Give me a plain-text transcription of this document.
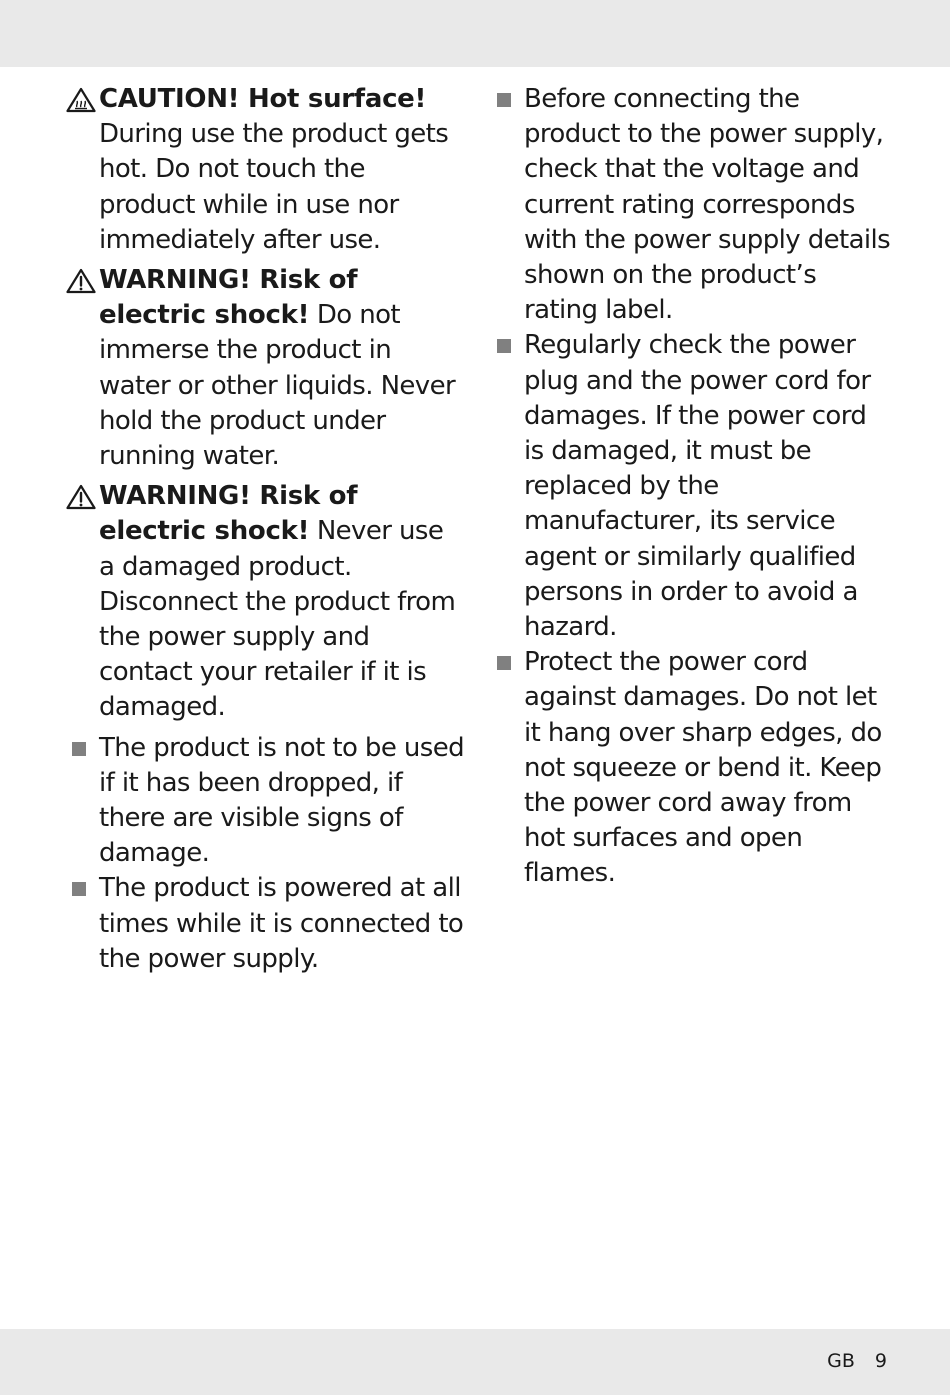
CAUTION! Hot surface!
During use the product gets hot. Do not touch the product while in use nor immediately after use.
WARNING! Risk of electric shock! Do not immerse the product in water or other liquids. Never hold the product under running water.
WARNING! Risk of electric shock! Never use a damaged product. Disconnect the product from the power supply and contact your retailer if it is damaged.
The product is not to be used if it has been dropped, if there are visible signs of damage.
The product is powered at all times while it is connected to the power supply.
Before connecting the product to the power supply, check that the voltage and current rating corresponds with the power supply details shown on the product’s rating label.
Regularly check the power plug and the power cord for damages. If the power cord is damaged, it must be replaced by the manufacturer, its service agent or similarly qualified persons in order to avoid a hazard.
Protect the power cord against damages. Do not let it hang over sharp edges, do not squeeze or bend it. Keep the power cord away from hot surfaces and open flames.
GB 9
